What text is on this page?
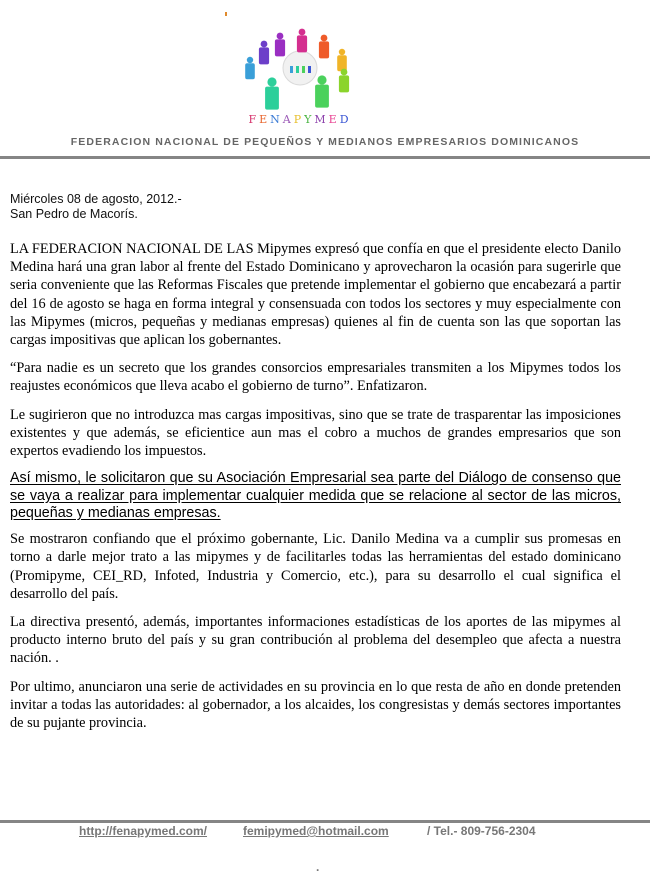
FENAPYMED
FEDERACION NACIONAL DE PEQUEÑOS Y MEDIANOS EMPRESARIOS DOMINICANOS
Miércoles 08 de agosto, 2012.-
San Pedro de Macorís.

LA FEDERACION NACIONAL DE LAS Mipymes expresó que confía en que el presidente electo Danilo Medina hará una gran labor al frente del Estado Dominicano y aprovecharon la ocasión para sugerirle que seria conveniente que las Reformas Fiscales que pretende implementar el gobierno que encabezará a partir del 16 de agosto se haga en forma integral y consensuada con todos los sectores y muy especialmente con las Mipymes (micros, pequeñas y medianas empresas) quienes al fin de cuenta son las que soportan las cargas impositivas que aplican los gobernantes.

“Para nadie es un secreto que los grandes consorcios empresariales transmiten a los Mipymes todos los reajustes económicos que lleva acabo el gobierno de turno”. Enfatizaron.

Le sugirieron que no introduzca mas cargas impositivas, sino que se trate de trasparentar las imposiciones existentes y que además, se eficientice aun mas el cobro a muchos de grandes empresarios que son expertos evadiendo los impuestos.

Así mismo, le solicitaron que su Asociación Empresarial sea parte del Diálogo de consenso que se vaya a realizar para implementar cualquier medida que se relacione al sector de las micros, pequeñas y medianas empresas.

Se mostraron confiando que el próximo gobernante, Lic. Danilo Medina va a cumplir sus promesas en torno a darle mejor trato a las mipymes y de facilitarles todas las herramientas del estado dominicano (Promipyme, CEI_RD, Infoted, Industria y Comercio, etc.), para su desarrollo el cual significa el desarrollo del país.

La directiva presentó, además, importantes informaciones estadísticas de los aportes de las mipymes al producto interno bruto del país y su gran contribución al problema del desempleo que afecta a nuestra nación. .

Por ultimo, anunciaron una serie de actividades en su provincia en lo que resta de año en donde pretenden invitar a todas las autoridades: al gobernador, a los alcaides, los congresistas y demás sectores importantes de su pujante provincia.

http://fenapymed.com/	femipymed@hotmail.com	/ Tel.- 809-756-2304
.
